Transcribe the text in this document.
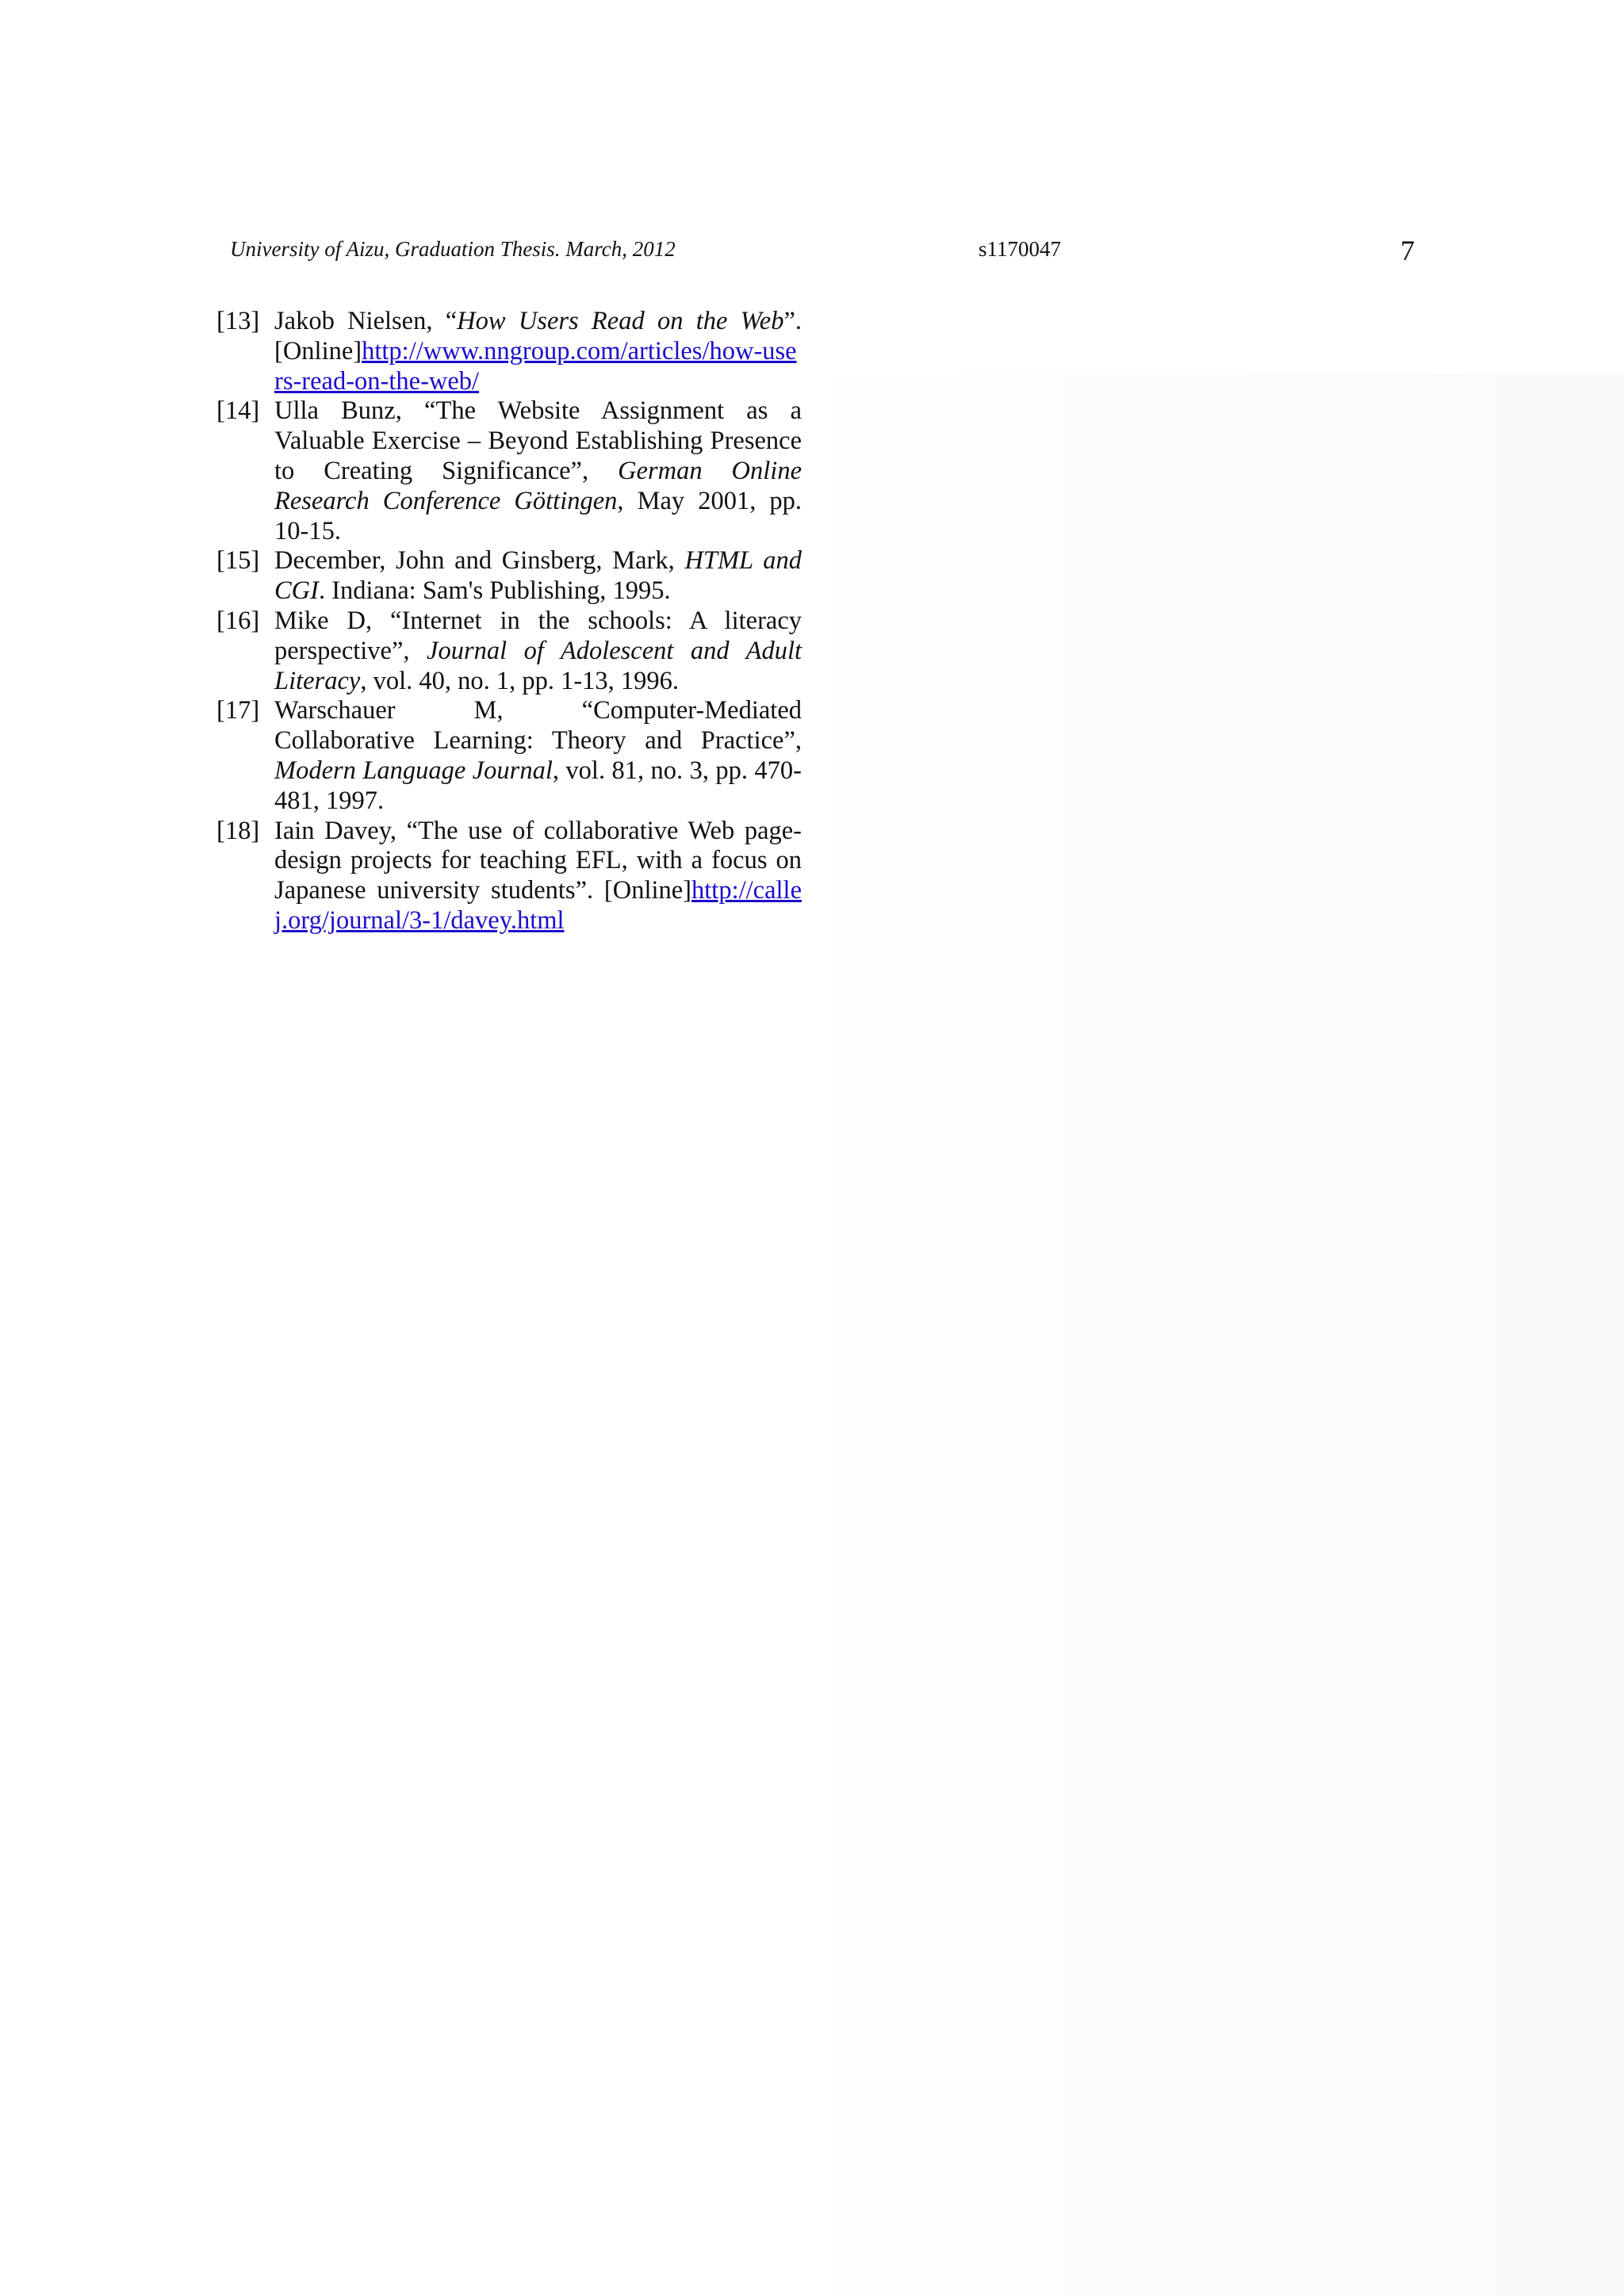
University of Aizu, Graduation Thesis. March, 2012	s1170047	7
[13] Jakob Nielsen, “How Users Read on the Web”. [Online]http://www.nngroup.com/articles/how-users-read-on-the-web/
[14] Ulla Bunz, “The Website Assignment as a Valuable Exercise – Beyond Establishing Presence to Creating Significance”, German Online Research Conference Göttingen, May 2001, pp. 10-15.
[15] December, John and Ginsberg, Mark, HTML and CGI. Indiana: Sam's Publishing, 1995.
[16] Mike D, “Internet in the schools: A literacy perspective”, Journal of Adolescent and Adult Literacy, vol. 40, no. 1, pp. 1-13, 1996.
[17] Warschauer M, “Computer-Mediated Collaborative Learning: Theory and Practice”, Modern Language Journal, vol. 81, no. 3, pp. 470-481, 1997.
[18] Iain Davey, “The use of collaborative Web page-design projects for teaching EFL, with a focus on Japanese university students”. [Online]http://callej.org/journal/3-1/davey.html
